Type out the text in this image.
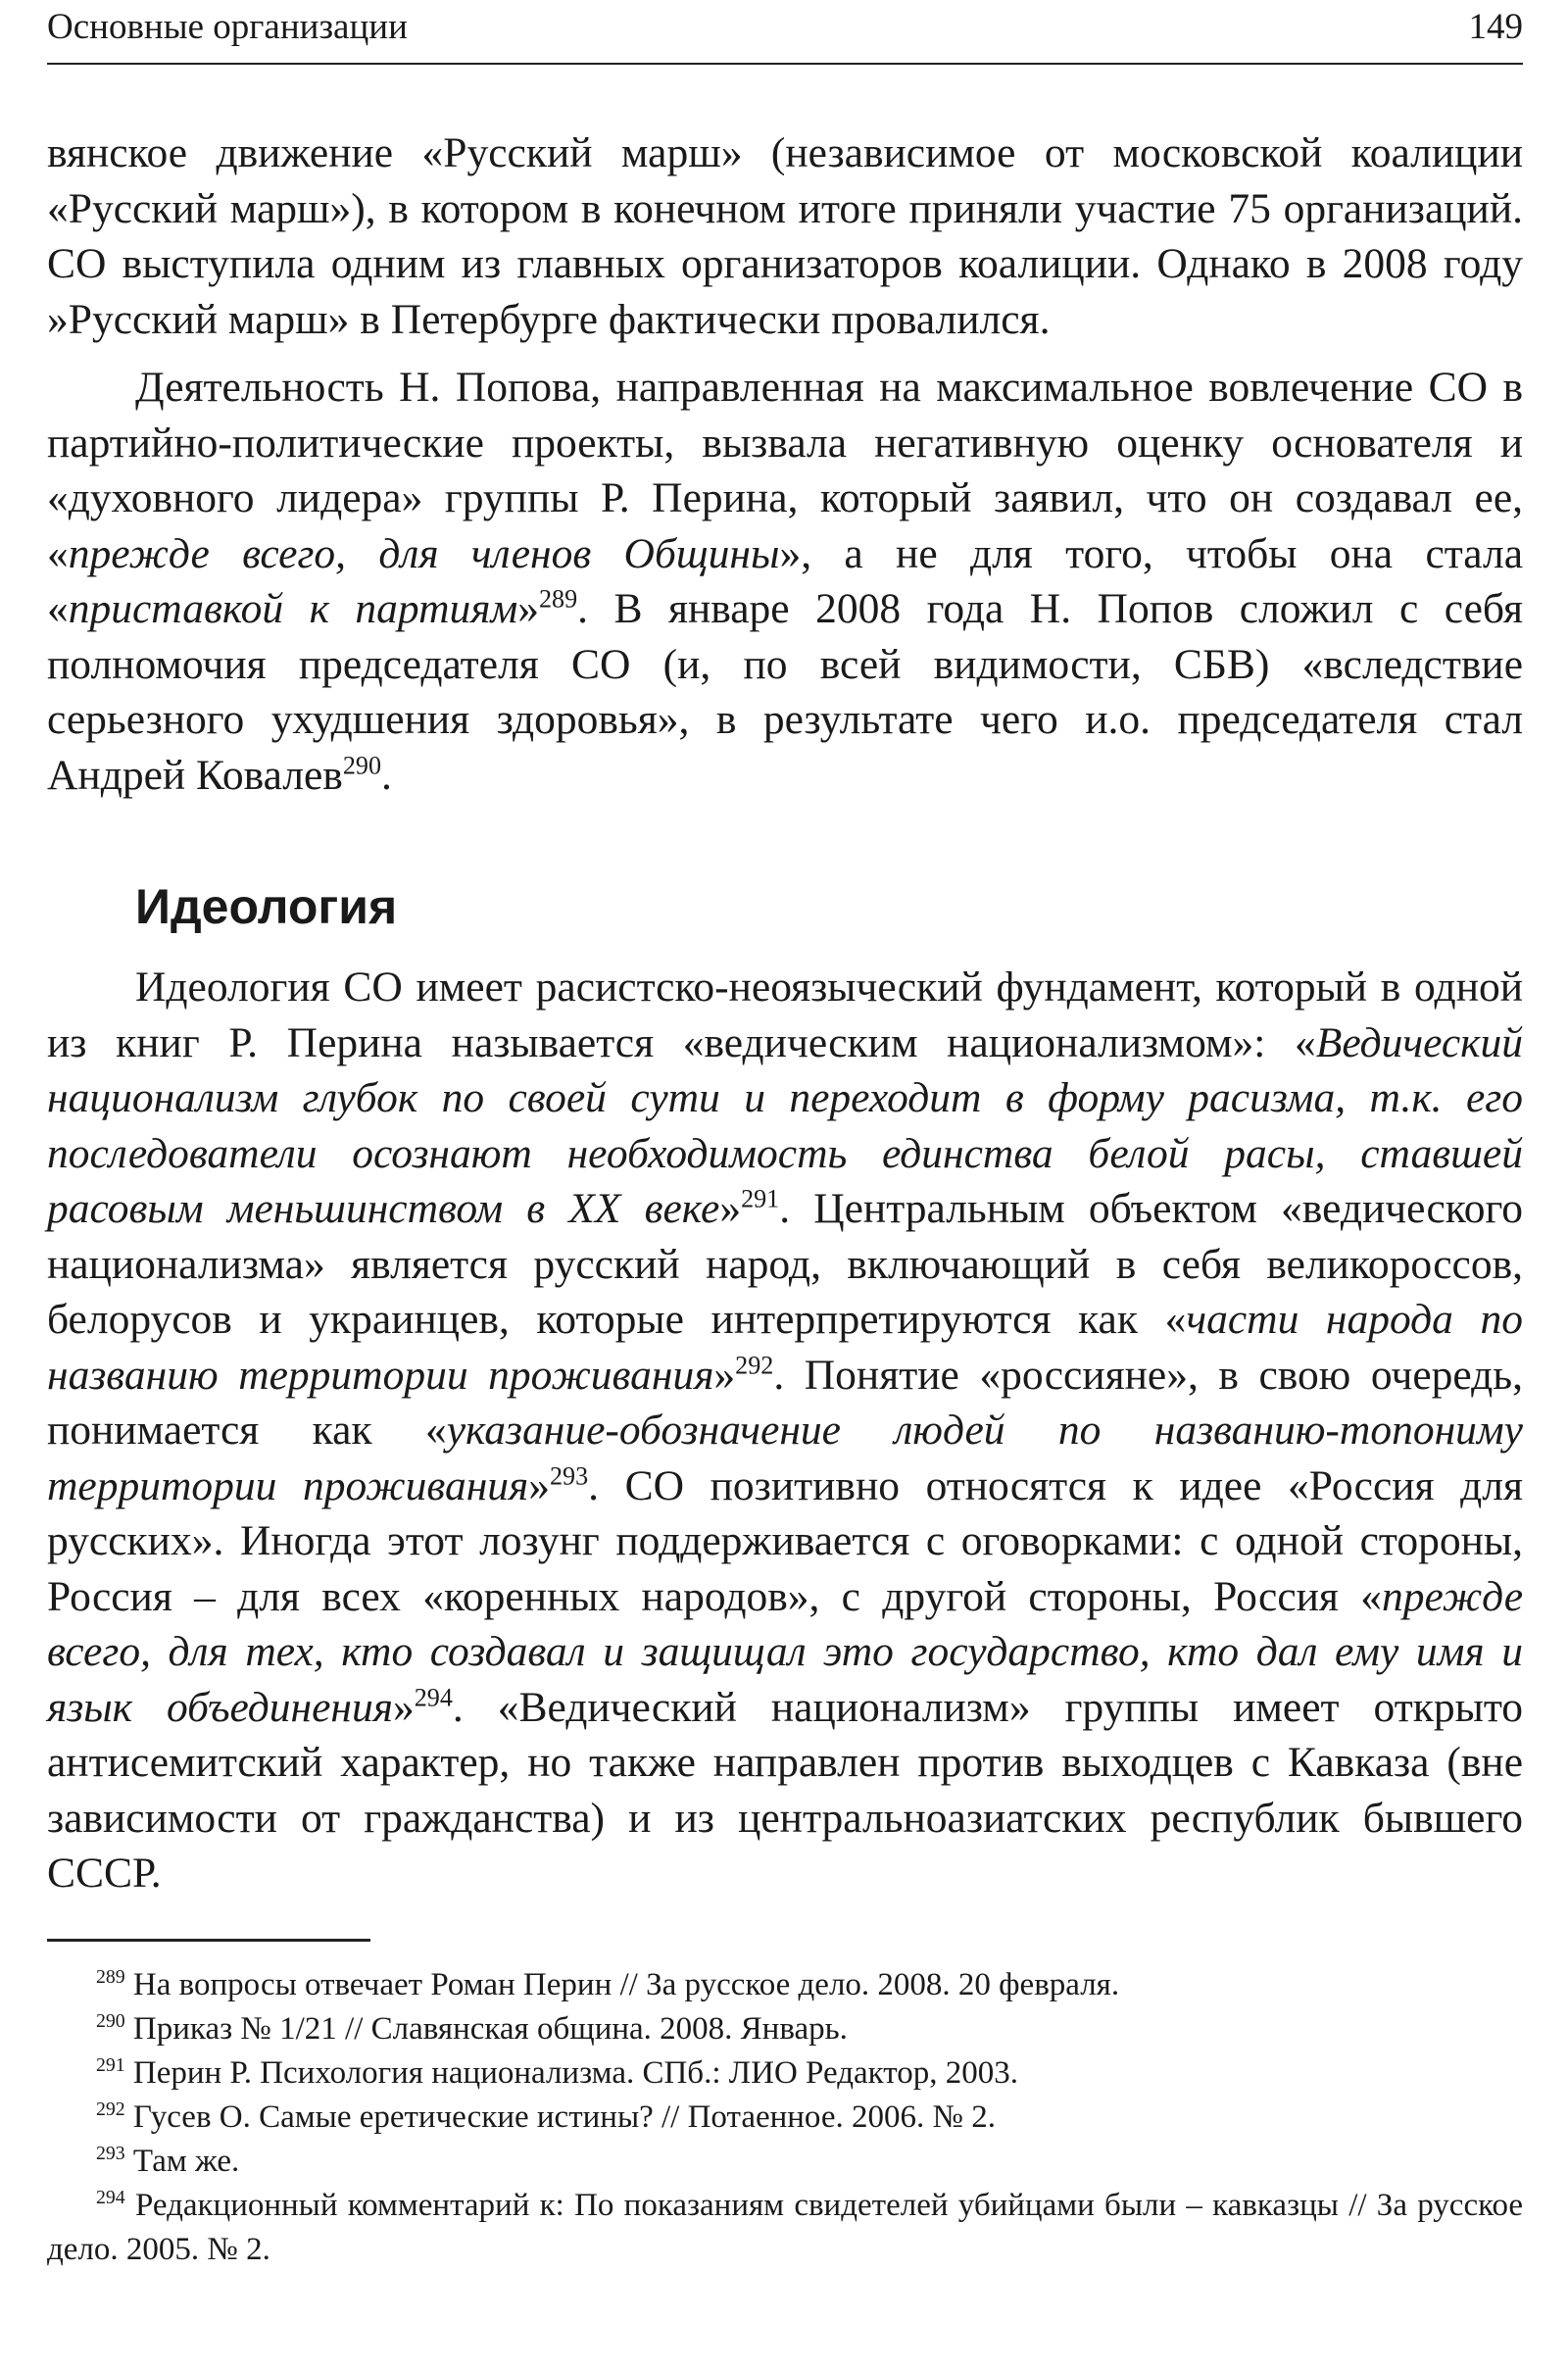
Основные организации	149

вянское движение «Русский марш» (независимое от московской коалиции «Русский марш»), в котором в конечном итоге приняли участие 75 организаций. СО выступила одним из главных организаторов коалиции. Однако в 2008 году »Русский марш» в Петербурге фактически провалился.

Деятельность Н. Попова, направленная на максимальное вовлечение СО в партийно-политические проекты, вызвала негативную оценку основателя и «духовного лидера» группы Р. Перина, который заявил, что он создавал ее, «прежде всего, для членов Общины», а не для того, чтобы она стала «приставкой к партиям»$^{289}$. В январе 2008 года Н. Попов сложил с себя полномочия председателя СО (и, по всей видимости, СБВ) «вследствие серьезного ухудшения здоровья», в результате чего и.о. председателя стал Андрей Ковалев$^{290}$.

Идеология

Идеология СО имеет расистско-неоязыческий фундамент, который в одной из книг Р. Перина называется «ведическим национализмом»: «Ведический национализм глубок по своей сути и переходит в форму расизма, т.к. его последователи осознают необходимость единства белой расы, ставшей расовым меньшинством в XX веке»$^{291}$. Центральным объектом «ведического национализма» является русский народ, включающий в себя великороссов, белорусов и украинцев, которые интерпретируются как «части народа по названию территории проживания»$^{292}$. Понятие «россияне», в свою очередь, понимается как «указание-обозначение людей по названию-топониму территории проживания»$^{293}$. СО позитивно относятся к идее «Россия для русских». Иногда этот лозунг поддерживается с оговорками: с одной стороны, Россия – для всех «коренных народов», с другой стороны, Россия «прежде всего, для тех, кто создавал и защищал это государство, кто дал ему имя и язык объединения»$^{294}$. «Ведический национализм» группы имеет открыто антисемитский характер, но также направлен против выходцев с Кавказа (вне зависимости от гражданства) и из центральноазиатских республик бывшего СССР.

$^{289}$ На вопросы отвечает Роман Перин // За русское дело. 2008. 20 февраля.

$^{290}$ Приказ № 1/21 // Славянская община. 2008. Январь.

$^{291}$ Перин Р. Психология национализма. СПб.: ЛИО Редактор, 2003.

$^{292}$ Гусев О. Самые еретические истины? // Потаенное. 2006. № 2.

$^{293}$ Там же.

$^{294}$ Редакционный комментарий к: По показаниям свидетелей убийцами были – кавказцы // За русское дело. 2005. № 2.
